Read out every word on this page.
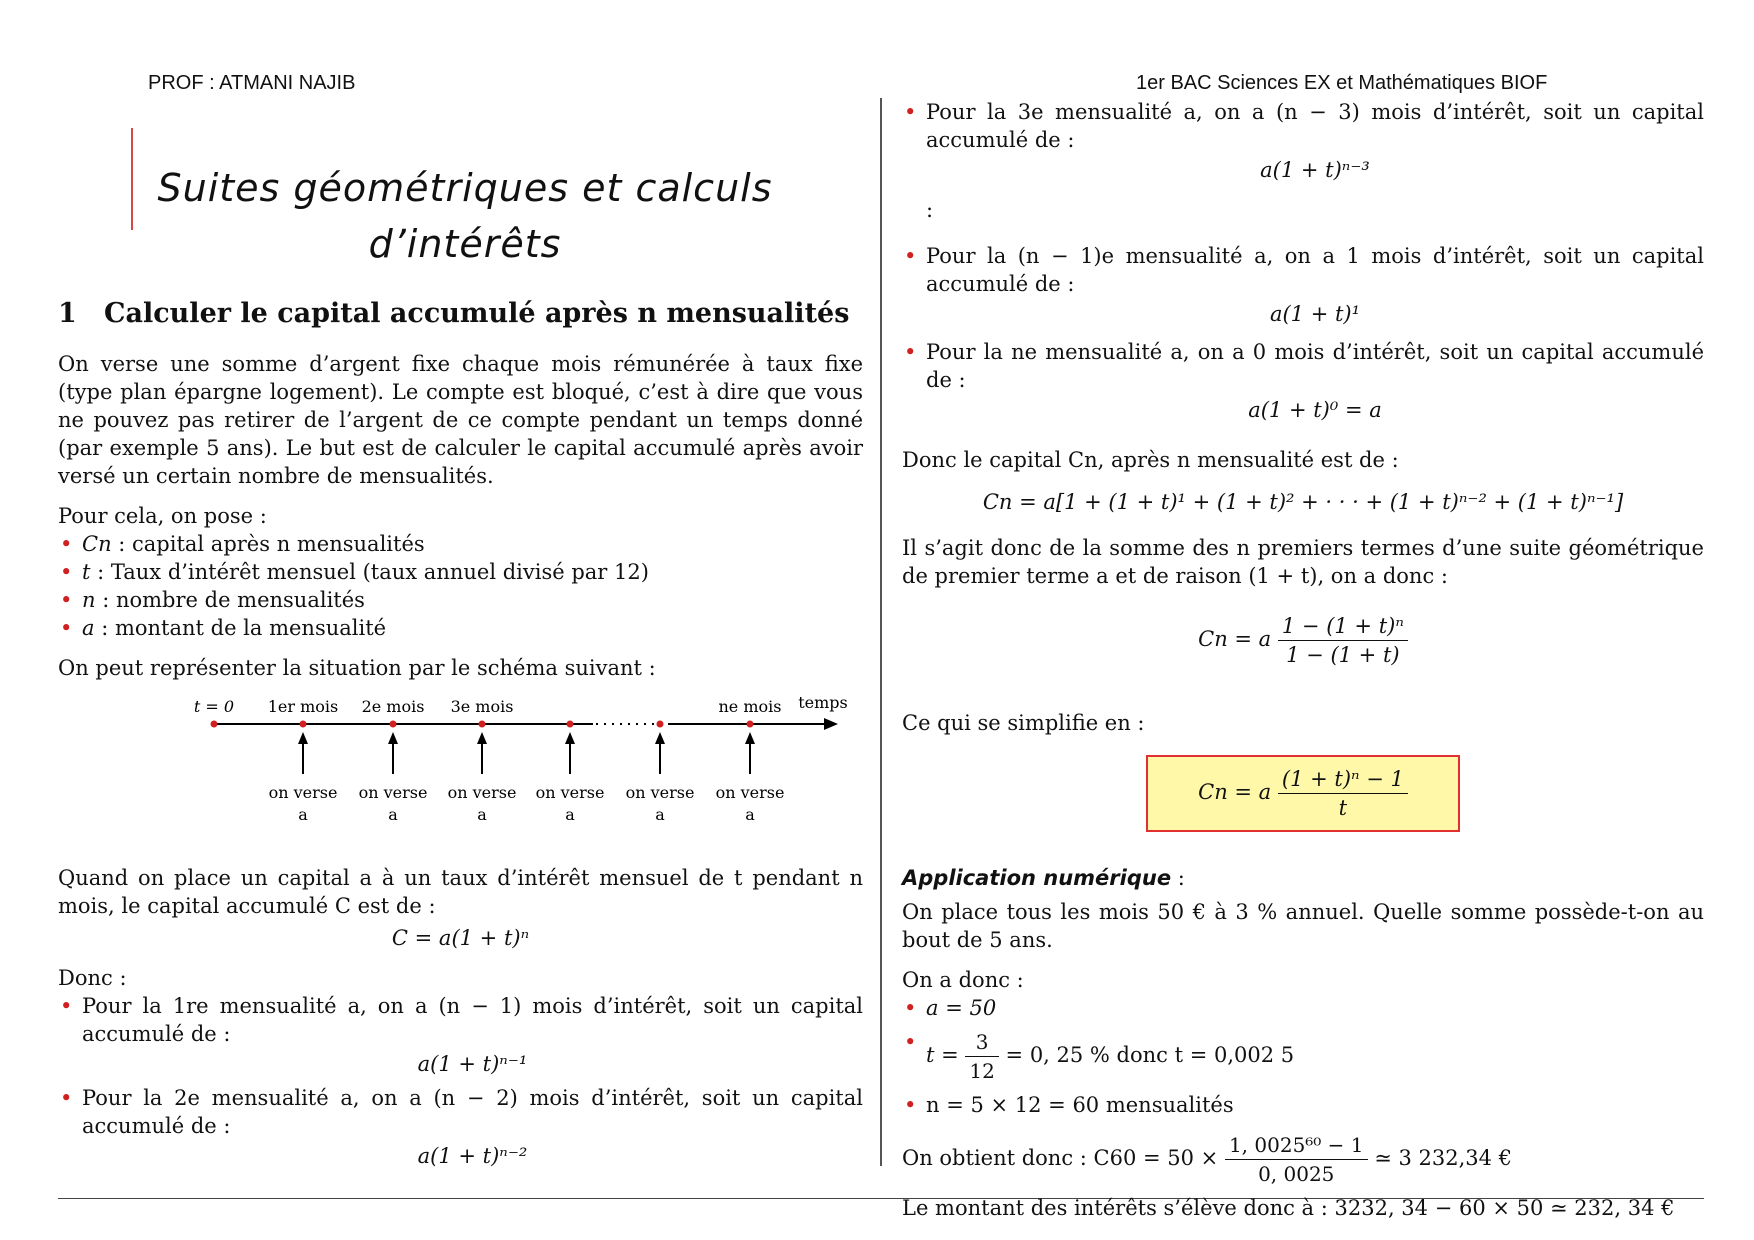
PROF : ATMANI NAJIB	1er BAC Sciences EX et Mathématiques BIOF
Suites géométriques et calculs
d’intérêts
1 Calculer le capital accumulé après n mensualités

On verse une somme d’argent fixe chaque mois rémunérée à taux fixe (type plan épargne logement). Le compte est bloqué, c’est à dire que vous ne pouvez pas retirer de l’argent de ce compte pendant un temps donné (par exemple 5 ans). Le but est de calculer le capital accumulé après avoir versé un certain nombre de mensualités.

Pour cela, on pose :
• Cn : capital après n mensualités
• t : Taux d’intérêt mensuel (taux annuel divisé par 12)
• n : nombre de mensualités
• a : montant de la mensualité

On peut représenter la situation par le schéma suivant :

t = 0 1er mois 2e mois 3e mois	ne mois temps
on verse
a
on verse
a
on verse
a
on verse
a
on verse
a
on verse
a

Quand on place un capital a à un taux d’intérêt mensuel de t pendant n mois, le capital accumulé C est de :

C = a(1 + t)ⁿ
Donc :
• Pour la 1re mensualité a, on a (n − 1) mois d’intérêt, soit un capital accumulé de :
a(1 + t)ⁿ⁻¹
• Pour la 2e mensualité a, on a (n − 2) mois d’intérêt, soit un capital accumulé de :
a(1 + t)ⁿ⁻²
• Pour la 3e mensualité a, on a (n − 3) mois d’intérêt, soit un capital accumulé de :
a(1 + t)ⁿ⁻³
:
• Pour la (n − 1)e mensualité a, on a 1 mois d’intérêt, soit un capital accumulé de :
a(1 + t)¹
• Pour la ne mensualité a, on a 0 mois d’intérêt, soit un capital accumulé de :
a(1 + t)⁰ = a

Donc le capital Cn, après n mensualité est de :

Cn = a[1 + (1 + t)¹ + (1 + t)² + · · · + (1 + t)ⁿ⁻² + (1 + t)ⁿ⁻¹]

Il s’agit donc de la somme des n premiers termes d’une suite géométrique de premier terme a et de raison (1 + t), on a donc :

Cn = a $\frac{\text{1 − (1 + t)ⁿ}}{1 - (1 + t)}$

Ce qui se simplifie en :

Cn = a $\frac{\text{(1 + t)ⁿ − 1}}{t}$
Application numérique :

On place tous les mois 50 € à 3 % annuel. Quelle somme possède-t-on au bout de 5 ans.

On a donc :
• a = 50
• $t = \frac{3}{12} = 0$, 25 % donc t = 0,002 5
• n = 5 × 12 = 60 mensualités
On obtient donc : $C60 = 50 \times \frac{\text{1, 0025⁶⁰ − 1}}{0, 0025}$ ≃ 3 232,34 €
Le montant des intérêts s’élève donc à : 3232, 34 − 60 × 50 ≃ 232, 34 €
